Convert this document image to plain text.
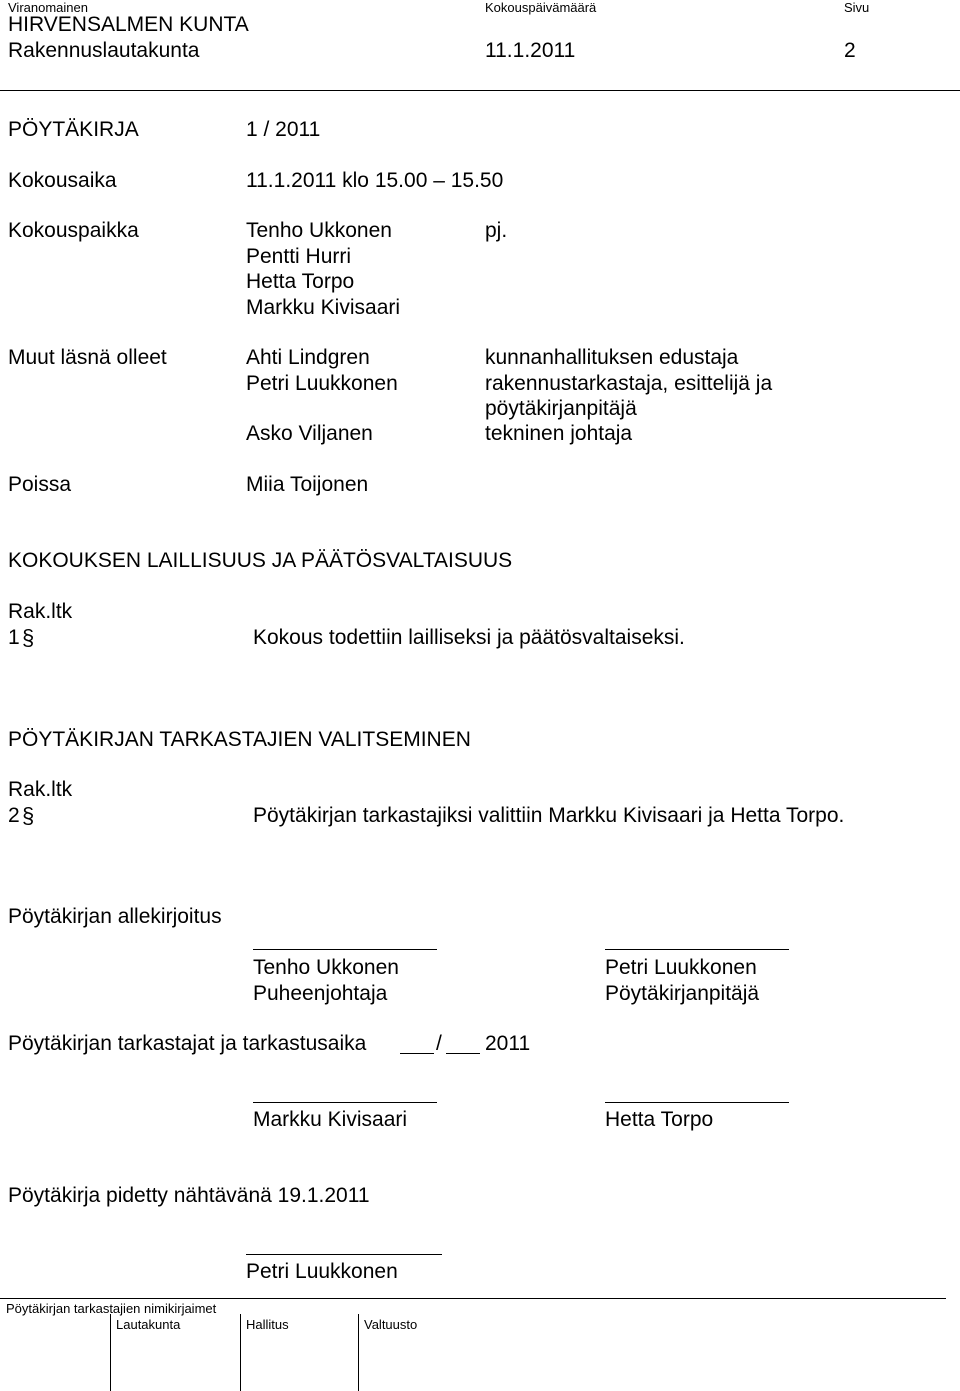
Viranomainen	Kokouspäivämäärä	Sivu
HIRVENSALMEN KUNTA
Rakennuslautakunta	11.1.2011	2
PÖYTÄKIRJA	1 / 2011
Kokousaika	11.1.2011 klo 15.00 – 15.50
Kokouspaikka	Tenho Ukkonen	pj.
Pentti Hurri
Hetta Torpo
Markku Kivisaari
Muut läsnä olleet	Ahti Lindgren	kunnanhallituksen edustaja
Petri Luukkonen	rakennustarkastaja, esittelijä ja
pöytäkirjanpitäjä
Asko Viljanen	tekninen johtaja
Poissa	Miia Toijonen
KOKOUKSEN LAILLISUUS JA PÄÄTÖSVALTAISUUS
Rak.ltk
1 §	Kokous todettiin lailliseksi ja päätösvaltaiseksi.
PÖYTÄKIRJAN TARKASTAJIEN VALITSEMINEN
Rak.ltk
2 §	Pöytäkirjan tarkastajiksi valittiin Markku Kivisaari ja Hetta Torpo.
Pöytäkirjan allekirjoitus
Tenho Ukkonen	Petri Luukkonen
Puheenjohtaja	Pöytäkirjanpitäjä
Pöytäkirjan tarkastajat ja tarkastusaika	/ 2011
Markku Kivisaari	Hetta Torpo
Pöytäkirja pidetty nähtävänä 19.1.2011
Petri Luukkonen
Pöytäkirjan tarkastajien nimikirjaimet
Lautakunta	Hallitus	Valtuusto
